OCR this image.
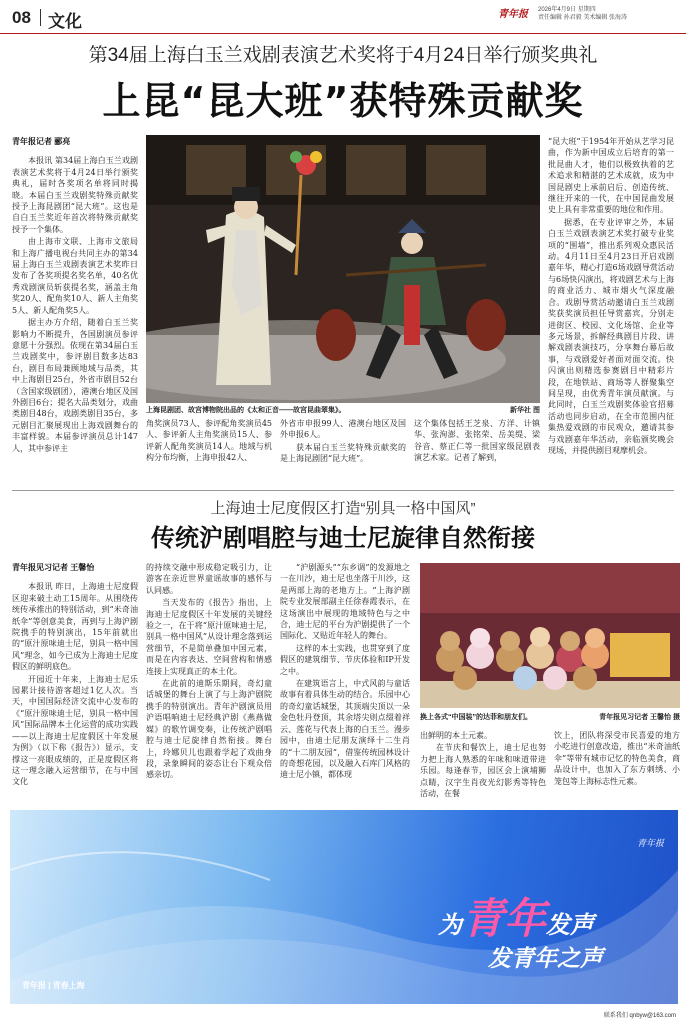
08 文化	青年报	2026年4月9日 星期四
责任编辑 孙君毅 美术编辑 张海涛
第34届上海白玉兰戏剧表演艺术奖将于4月24日举行颁奖典礼
上昆“昆大班”获特殊贡献奖
青年报记者 郦亮

本报讯 第34届上海白玉兰戏剧表演艺术奖将于4月24日举行颁奖典礼，届时各奖项名单将同时揭晓。本届白玉兰戏剧奖特殊贡献奖授予上海昆剧团“昆大班”。这也是自白玉兰奖近年首次将特殊贡献奖授予一个集体。

由上海市文联、上海市文旅局和上海广播电视台共同主办的第34届上海白玉兰戏剧表演艺术奖昨日发布了各奖项提名奖名单，40名优秀戏剧演员斩获提名奖，涵盖主角奖20人、配角奖10人、新人主角奖5人、新人配角奖5人。

据主办方介绍，随着白玉兰奖影响力不断提升，各国剧演员参评意愿十分强烈。依现在第34届白玉兰戏剧奖中，参评剧目数多达83台，剧目布局兼顾地域与品类，其中上海剧目25台，外省市剧目52台（含国家级剧团），港澳台地区及国外剧目6台；提名大品类划分，戏曲类剧目48台，戏剧类剧目35台，多元剧目汇聚展现出上海戏剧舞台的丰富样貌。本届参评演员总计147人，其中参评主

上海昆剧团、故宫博物院出品的《太和正音——故宫昆曲翠集》。	新华社 图

角奖演员73人、参评配角奖演员45人、参评新人主角奖演员15人、参评新人配角奖演员14人。地域与机构分布均衡，上海申报42人、

外省市申报99人、港澳台地区及国外申报6人。

获本届白玉兰奖特殊贡献奖的是上海昆剧团“昆大班”。

这个集体包括王芝泉、方洋、计镇华、张洵澎、张铭荣、岳美缇、梁谷音、蔡正仁等一批国家级昆剧表演艺术家。记者了解到，

“昆大班”于1954年开始从艺学习昆曲，作为新中国成立后培育的第一批昆曲人才，他们以极致执着的艺术追求和精湛的艺术成就，成为中国昆剧史上承前启后、创造传统、继往开来的一代，在中国昆曲发展史上具有非常重要的地位和作用。

据悉，在专业评审之外，本届白玉兰戏剧表演艺术奖打破专业奖项的“围墙”，推出系列观众惠民活动。4月11日至4月23日开启戏剧嘉年华，精心打造6场戏剧导赏活动与6场快闪演出，将戏剧艺术与上海的商业活力、城市烟火气深度融合。戏剧导赏活动邀请白玉兰戏剧奖获奖演员担任导赏嘉宾，分别走进街区、校园、文化场馆、企业等多元场景，拆解经典剧目片段、讲解戏剧表演技巧，分享舞台幕后故事，与戏剧爱好者面对面交流。快闪演出则精选参赛剧目中精彩片段，在地铁站、商场等人群聚集空间呈现，由优秀青年演员献演。与此同时，白玉兰戏剧奖体验官招募活动也同步启动，在全市范围内征集热爱戏剧的市民观众，邀请其参与戏剧嘉年华活动，亲临颁奖晚会现场，并提供剧目观摩机会。

上海迪士尼度假区打造“别具一格中国风”
传统沪剧唱腔与迪士尼旋律自然衔接
青年报见习记者 王馨怡

本报讯 昨日，上海迪士尼度假区迎来破土动工15周年。从围绕传统传承推出的特别活动，到“米奇油纸伞”等创意美食，再到与上海沪剧院携手的特别演出，15年前就出的“原汁原味迪士尼，别具一格中国风”理念，如今已成为上海迪士尼度假区的鲜明底色。

开园近十年来，上海迪士尼乐园累计接待游客超过1亿人次。当天，中国国际经济交流中心发布的《“原汁原味迪士尼，别具一格中国风”国际品牌本土化运营的成功实践——以上海迪士尼度假区十年发展为例》（以下称《报告》）显示，支撑这一亮眼成绩的，正是度假区将这一理念融入运营细节，在与中国文化

的持续交融中形成稳定吸引力，让游客在亲近世界童谣故事的感怀与认同感。

当天发布的《报告》指出，上海迪士尼度假区十年发展的关键经验之一，在于将“原汁原味迪士尼，别具一格中国风”从设计理念落到运营细节，不是简单叠加中国元素，而是在内容表达、空间营构和情感连接上实现真正的本土化。

在此前的迪斯乐期间，奇幻童话城堡的舞台上演了与上海沪剧院携手的特别演出。青年沪剧演员用沪语唱响迪士尼经典沪剧《燕燕做媒》的歌竹调变奏，让传统沪剧唱腔与迪士尼旋律自然衔接。舞台上，玲娜贝儿也跟着学起了戏曲身段，录象瞬间的姿态让台下观众倍感亲切。

“沪剧源头”“东乡调”的发源地之一在川沙，迪士尼也坐落于川沙，这是两部上海的老地方上。“上海沪剧院专业发展部副主任徐春霞表示，在这场演出中展现的地域特色与之中合，迪士尼的平台为沪剧提供了一个国际化、又贴近年轻人的舞台。

这样的本土实践，也贯穿到了度假区的建筑细节、节庆体验和IP开发之中。

在建筑语言上，中式风韵与童话故事有着具体生动的结合。乐园中心的奇幻童话城堡，其顶端尖顶以一朵金色牡丹登顶，其余塔尖则点缀着祥云、莲花与代表上海的白玉兰。漫步园中，由迪士尼朋友演绎十二生肖的“十二朋友园”，借鉴传统园林设计的奇想花园，以及融入石库门风格的迪士尼小镇，都体现

换上各式“中国装”的达菲和朋友们。	青年报见习记者 王馨怡 摄

出鲜明的本土元素。

在节庆和餐饮上，迪士尼也努力把上海人熟悉的年味和味道带进乐园。每逢春节，园区会上演埔狮点睛，汉字生肖夜光幻影秀等特色活动，在餐

饮上，团队将深受市民喜爱的地方小吃进行创意改造，推出“米奇油纸伞”等带有城市记忆的特色美食，商品设计中，也加入了东方刺绣、小笼包等上海标志性元素。

青年报
为青年发声
发青年之声
青年报 | 青春上海
联系我们 qnbyw@163.com
